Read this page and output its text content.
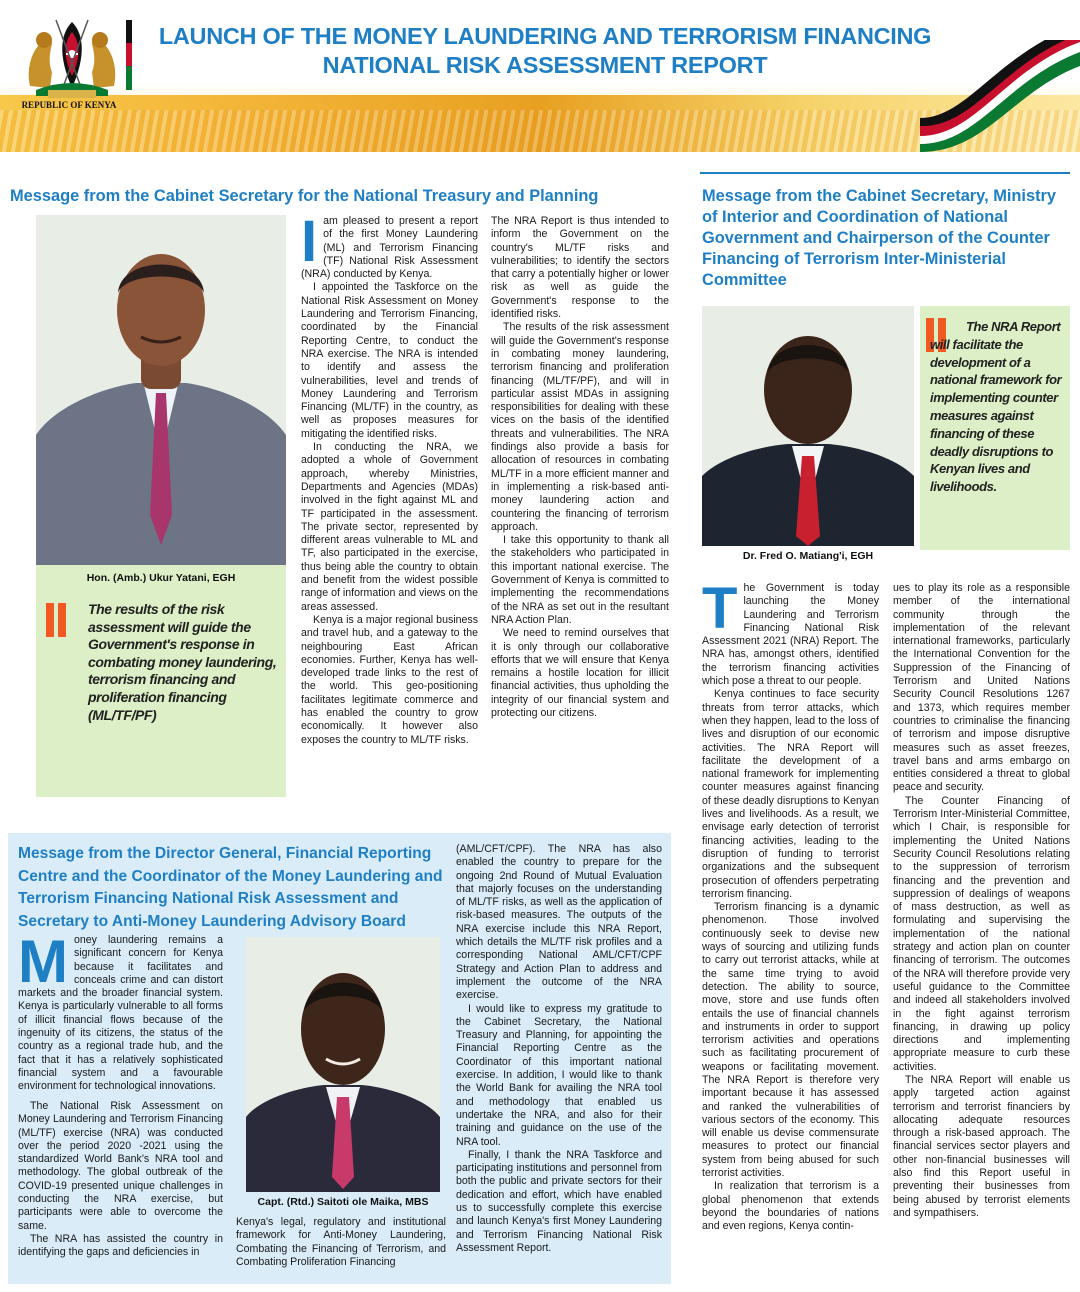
REPUBLIC OF KENYA
LAUNCH OF THE MONEY LAUNDERING AND TERRORISM FINANCING
NATIONAL RISK ASSESSMENT REPORT
Message from the Cabinet Secretary for the National Treasury and Planning
Hon. (Amb.) Ukur Yatani, EGH
The results of the risk assessment will guide the Government's response in combating money laundering, terrorism financing and proliferation financing (ML/TF/PF)

Iam pleased to present a report of the first Money Laundering (ML) and Terrorism Financing (TF) National Risk Assessment (NRA) conducted by Kenya.

I appointed the Taskforce on the National Risk Assessment on Money Laundering and Terrorism Financing, coordinated by the Financial Reporting Centre, to conduct the NRA exercise. The NRA is intended to identify and assess the vulnerabilities, level and trends of Money Laundering and Terrorism Financing (ML/TF) in the country, as well as proposes measures for mitigating the identified risks.

In conducting the NRA, we adopted a whole of Government approach, whereby Ministries, Departments and Agencies (MDAs) involved in the fight against ML and TF participated in the assessment. The private sector, represented by different areas vulnerable to ML and TF, also participated in the exercise, thus being able the country to obtain and benefit from the widest possible range of information and views on the areas assessed.

Kenya is a major regional business and travel hub, and a gateway to the neighbouring East African economies. Further, Kenya has well-developed trade links to the rest of the world. This geo-positioning facilitates legitimate commerce and has enabled the country to grow economically. It however also exposes the country to ML/TF risks.

The NRA Report is thus intended to inform the Government on the country's ML/TF risks and vulnerabilities; to identify the sectors that carry a potentially higher or lower risk as well as guide the Government's response to the identified risks.

The results of the risk assessment will guide the Government's response in combating money laundering, terrorism financing and proliferation financing (ML/TF/PF), and will in particular assist MDAs in assigning responsibilities for dealing with these vices on the basis of the identified threats and vulnerabilities. The NRA findings also provide a basis for allocation of resources in combating ML/TF in a more efficient manner and in implementing a risk-based anti-money laundering action and countering the financing of terrorism approach.

I take this opportunity to thank all the stakeholders who participated in this important national exercise. The Government of Kenya is committed to implementing the recommendations of the NRA as set out in the resultant NRA Action Plan.

We need to remind ourselves that it is only through our collaborative efforts that we will ensure that Kenya remains a hostile location for illicit financial activities, thus upholding the integrity of our financial system and protecting our citizens.

Message from the Cabinet Secretary, Ministry of Interior and Coordination of National Government and Chairperson of the Counter Financing of Terrorism Inter-Ministerial Committee
Dr. Fred O. Matiang'i, EGH
The NRA Report will facilitate the development of a national framework for implementing counter measures against financing of these deadly disruptions to Kenyan lives and livelihoods.

The Government is today launching the Money Laundering and Terrorism Financing National Risk Assessment 2021 (NRA) Report. The NRA has, amongst others, identified the terrorism financing activities which pose a threat to our people.

Kenya continues to face security threats from terror attacks, which when they happen, lead to the loss of lives and disruption of our economic activities. The NRA Report will facilitate the development of a national framework for implementing counter measures against financing of these deadly disruptions to Kenyan lives and livelihoods. As a result, we envisage early detection of terrorist financing activities, leading to the disruption of funding to terrorist organizations and the subsequent prosecution of offenders perpetrating terrorism financing.

Terrorism financing is a dynamic phenomenon. Those involved continuously seek to devise new ways of sourcing and utilizing funds to carry out terrorist attacks, while at the same time trying to avoid detection. The ability to source, move, store and use funds often entails the use of financial channels and instruments in order to support terrorism activities and operations such as facilitating procurement of weapons or facilitating movement. The NRA Report is therefore very important because it has assessed and ranked the vulnerabilities of various sectors of the economy. This will enable us devise commensurate measures to protect our financial system from being abused for such terrorist activities.

In realization that terrorism is a global phenomenon that extends beyond the boundaries of nations and even regions, Kenya contin-

ues to play its role as a responsible member of the international community through the implementation of the relevant international frameworks, particularly the International Convention for the Suppression of the Financing of Terrorism and United Nations Security Council Resolutions 1267 and 1373, which requires member countries to criminalise the financing of terrorism and impose disruptive measures such as asset freezes, travel bans and arms embargo on entities considered a threat to global peace and security.

The Counter Financing of Terrorism Inter-Ministerial Committee, which I Chair, is responsible for implementing the United Nations Security Council Resolutions relating to the suppression of terrorism financing and the prevention and suppression of dealings of weapons of mass destruction, as well as formulating and supervising the implementation of the national strategy and action plan on counter financing of terrorism. The outcomes of the NRA will therefore provide very useful guidance to the Committee and indeed all stakeholders involved in the fight against terrorism financing, in drawing up policy directions and implementing appropriate measure to curb these activities.

The NRA Report will enable us apply targeted action against terrorism and terrorist financiers by allocating adequate resources through a risk-based approach. The financial services sector players and other non-financial businesses will also find this Report useful in preventing their businesses from being abused by terrorist elements and sympathisers.

Message from the Director General, Financial Reporting Centre and the Coordinator of the Money Laundering and Terrorism Financing National Risk Assessment and Secretary to Anti-Money Laundering Advisory Board
Capt. (Rtd.) Saitoti ole Maika, MBS

Money laundering remains a significant concern for Kenya because it facilitates and conceals crime and can distort markets and the broader financial system. Kenya is particularly vulnerable to all forms of illicit financial flows because of the ingenuity of its citizens, the status of the country as a regional trade hub, and the fact that it has a relatively sophisticated financial system and a favourable environment for technological innovations.

The National Risk Assessment on Money Laundering and Terrorism Financing (ML/TF) exercise (NRA) was conducted over the period 2020 -2021 using the standardized World Bank's NRA tool and methodology. The global outbreak of the COVID-19 presented unique challenges in conducting the NRA exercise, but participants were able to overcome the same.

The NRA has assisted the country in identifying the gaps and deficiencies in

Kenya's legal, regulatory and institutional framework for Anti-Money Laundering, Combating the Financing of Terrorism, and Combating Proliferation Financing

(AML/CFT/CPF). The NRA has also enabled the country to prepare for the ongoing 2nd Round of Mutual Evaluation that majorly focuses on the understanding of ML/TF risks, as well as the application of risk-based measures. The outputs of the NRA exercise include this NRA Report, which details the ML/TF risk profiles and a corresponding National AML/CFT/CPF Strategy and Action Plan to address and implement the outcome of the NRA exercise.

I would like to express my gratitude to the Cabinet Secretary, the National Treasury and Planning, for appointing the Financial Reporting Centre as the Coordinator of this important national exercise. In addition, I would like to thank the World Bank for availing the NRA tool and methodology that enabled us undertake the NRA, and also for their training and guidance on the use of the NRA tool.

Finally, I thank the NRA Taskforce and participating institutions and personnel from both the public and private sectors for their dedication and effort, which have enabled us to successfully complete this exercise and launch Kenya's first Money Laundering and Terrorism Financing National Risk Assessment Report.
